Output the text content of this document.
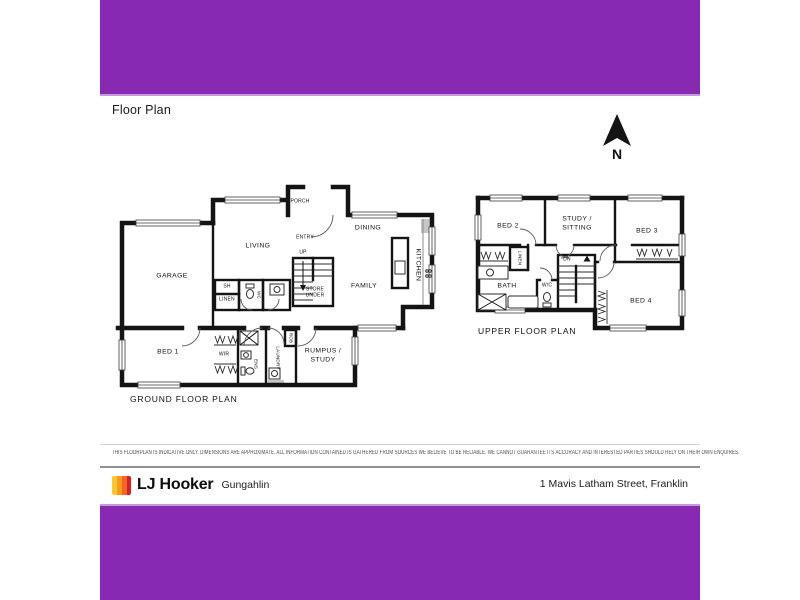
Floor Plan
N
GARAGE
LIVING
DINING
FAMILY
KITCHEN
PORCH
ENTRY
UP
STORE
UNDER
SH
LINEN
WC
BED 1	WIR
ENS	LAUNDRY
ROB
RUMPUS /
STUDY
GROUND FLOOR PLAN
BED 2
STUDY /
SITTING	BED 3
LINEN	DN
BATH	W/C
BED 4
UPPER FLOOR PLAN
THIS FLOORPLAN IS INDICATIVE ONLY. DIMENSIONS ARE APPROXIMATE. ALL INFORMATION CONTAINED IS GATHERED FROM SOURCES WE BELIEVE TO BE RELIABLE. WE CANNOT GUARANTEE ITS ACCURACY AND INTERESTED PARTIES SHOULD RELY ON THEIR OWN ENQUIRES.
LJ Hooker Gungahlin	1 Mavis Latham Street, Franklin
